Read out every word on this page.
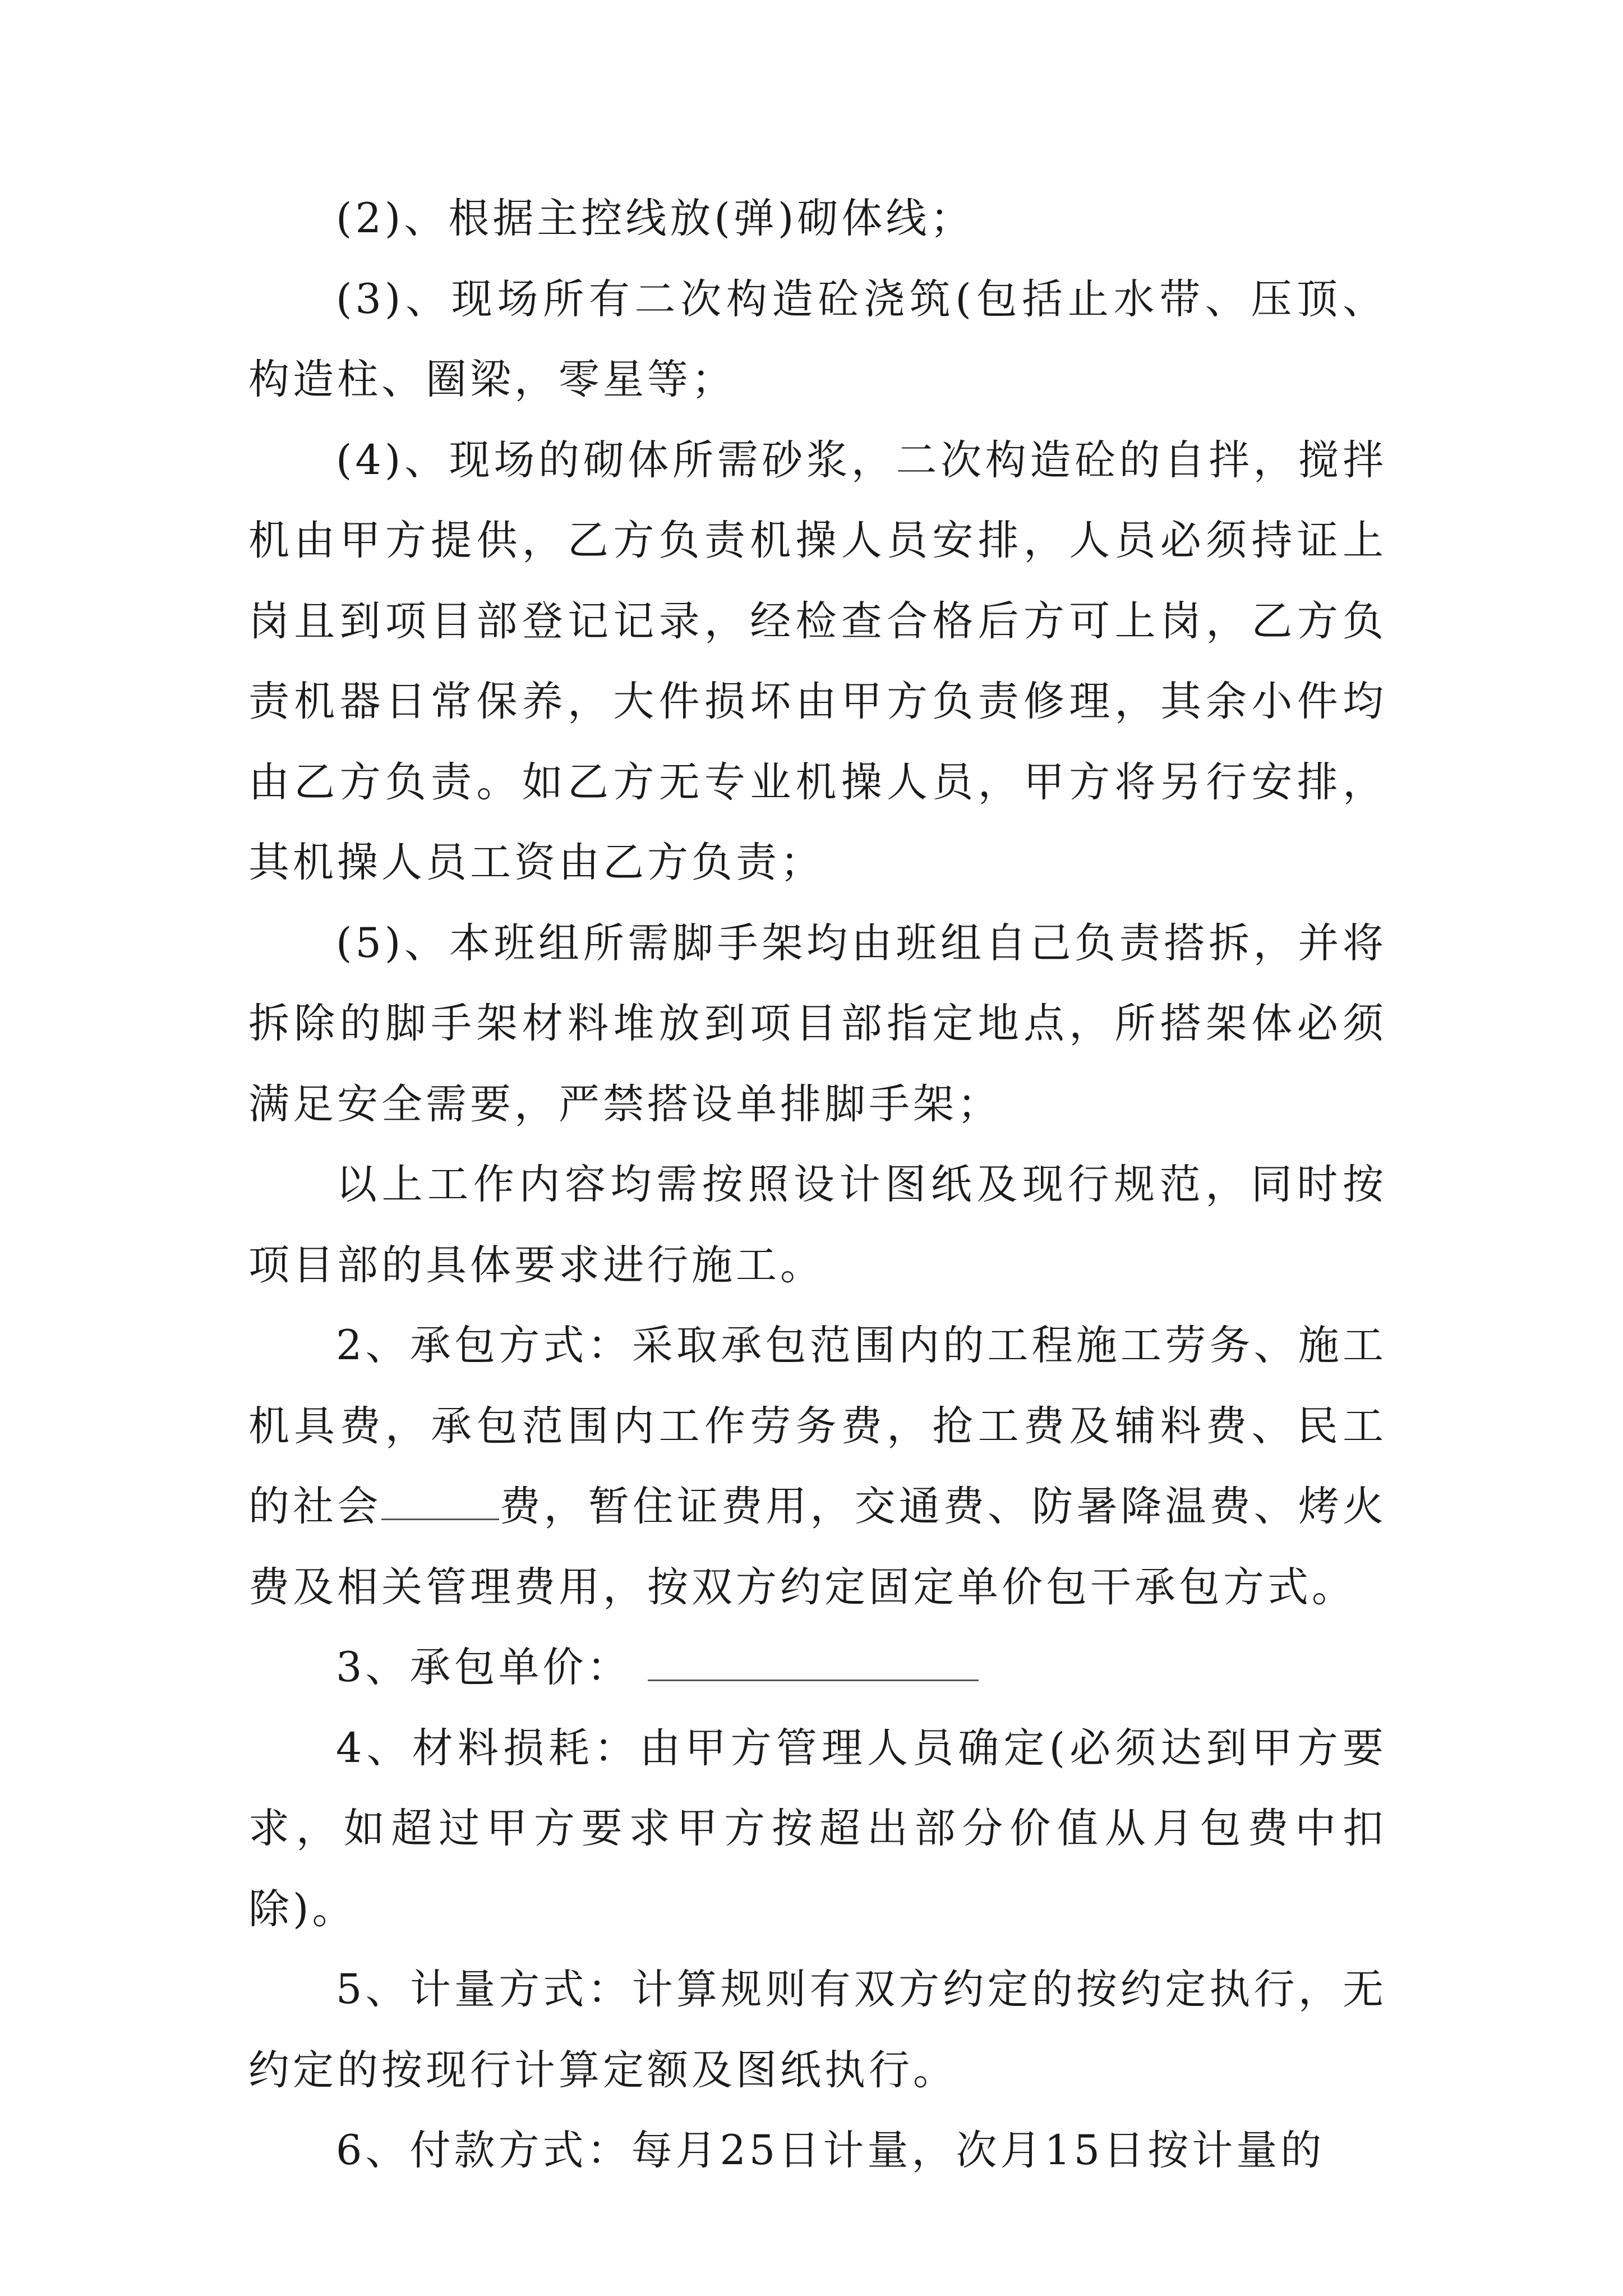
(2)、根据主控线放(弹)砌体线；

(3)、现场所有二次构造砼浇筑(包括止水带、压顶、构造柱、圈梁，零星等；

(4)、现场的砌体所需砂浆，二次构造砼的自拌，搅拌机由甲方提供，乙方负责机操人员安排，人员必须持证上岗且到项目部登记记录，经检查合格后方可上岗，乙方负责机器日常保养，大件损坏由甲方负责修理，其余小件均由乙方负责。如乙方无专业机操人员，甲方将另行安排，其机操人员工资由乙方负责；

(5)、本班组所需脚手架均由班组自己负责搭拆，并将拆除的脚手架材料堆放到项目部指定地点，所搭架体必须满足安全需要，严禁搭设单排脚手架；

以上工作内容均需按照设计图纸及现行规范，同时按项目部的具体要求进行施工。

2、承包方式：采取承包范围内的工程施工劳务、施工机具费，承包范围内工作劳务费，抢工费及辅料费、民工的社会	费，暂住证费用，交通费、防暑降温费、烤火费及相关管理费用，按双方约定固定单价包干承包方式。

3、承包单价：

4、材料损耗：由甲方管理人员确定(必须达到甲方要求，如超过甲方要求甲方按超出部分价值从月包费中扣除)。

5、计量方式：计算规则有双方约定的按约定执行，无约定的按现行计算定额及图纸执行。

6、付款方式：每月25日计量，次月15日按计量的
